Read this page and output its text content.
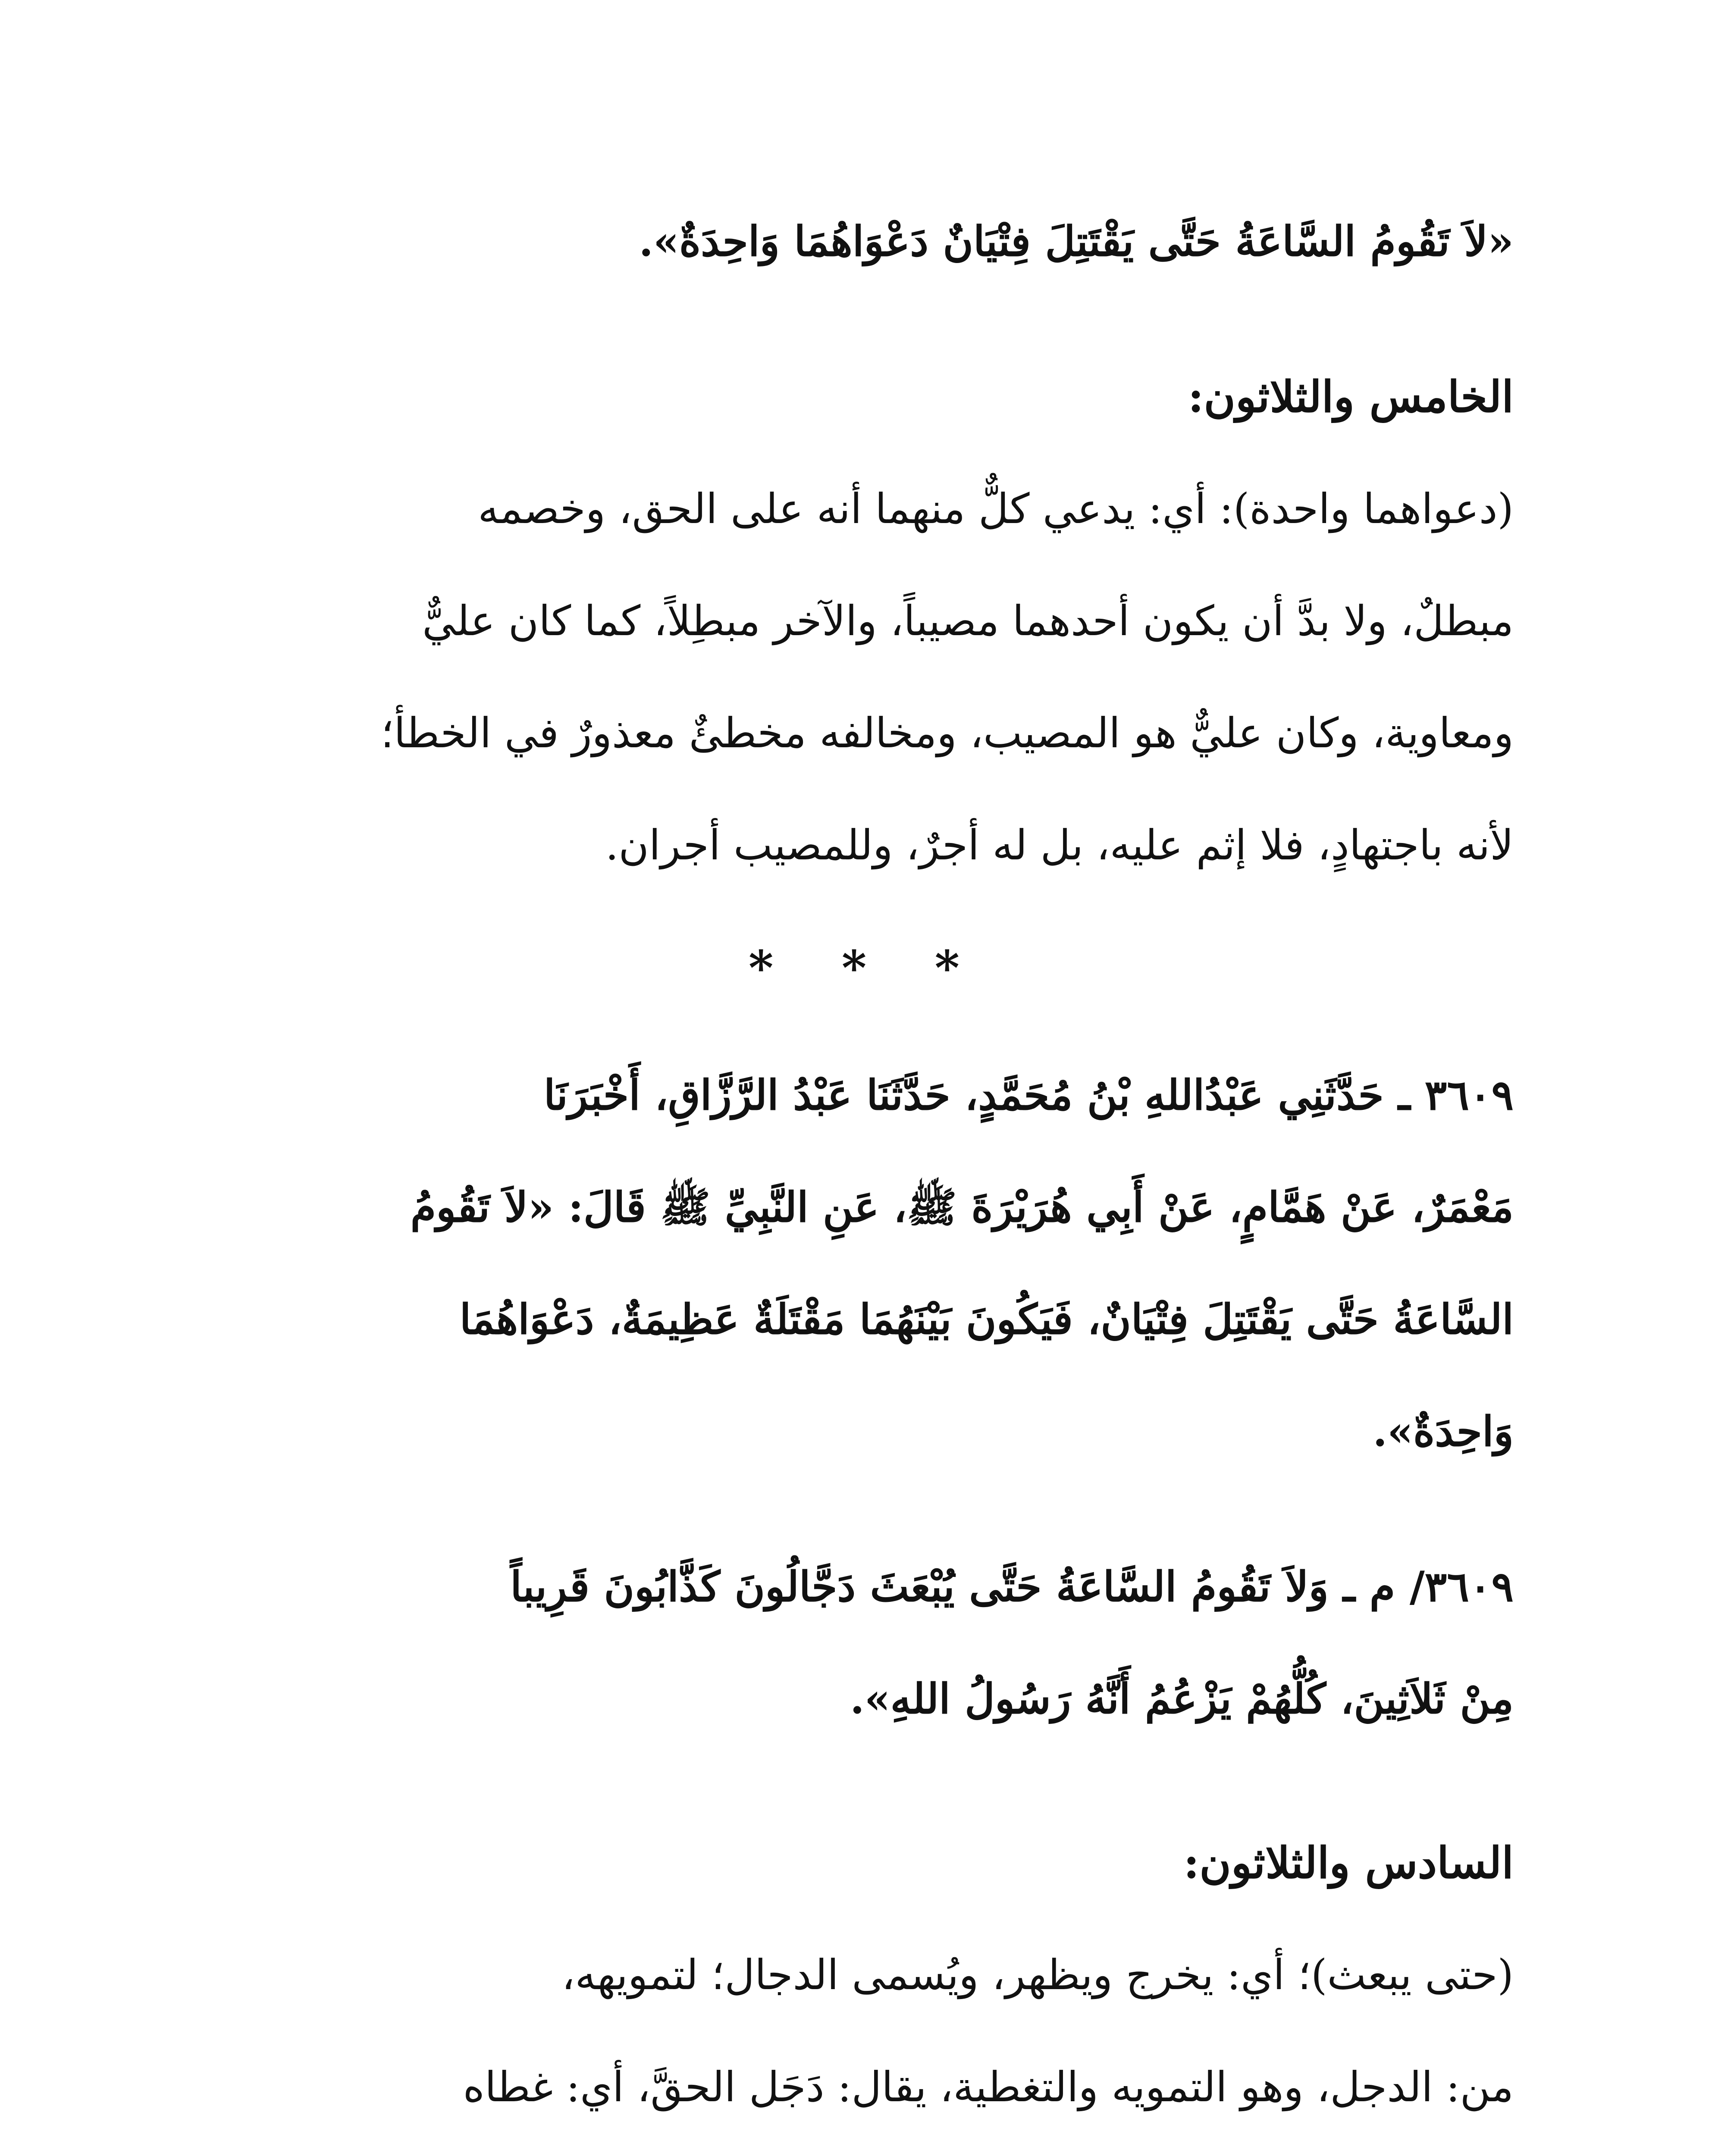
«لاَ تَقُومُ السَّاعَةُ حَتَّى يَقْتَتِلَ فِتْيَانٌ دَعْوَاهُمَا وَاحِدَةٌ».
الخامس والثلاثون:
(دعواهما واحدة): أي: يدعي كلٌّ منهما أنه على الحق، وخصمه
مبطلٌ، ولا بدَّ أن يكون أحدهما مصيباً، والآخر مبطِلاً، كما كان عليٌّ
ومعاوية، وكان عليٌّ هو المصيب، ومخالفه مخطئٌ معذورٌ في الخطأ؛
لأنه باجتهادٍ، فلا إثم عليه، بل له أجرٌ، وللمصيب أجران.
* * *
٣٦٠٩ ـ حَدَّثَنِي عَبْدُاللهِ بْنُ مُحَمَّدٍ، حَدَّثَنَا عَبْدُ الرَّزَّاقِ، أَخْبَرَنَا
مَعْمَرٌ، عَنْ هَمَّامٍ، عَنْ أَبِي هُرَيْرَةَ ﷺ، عَنِ النَّبِيِّ ﷺ قَالَ: «لاَ تَقُومُ
السَّاعَةُ حَتَّى يَقْتَتِلَ فِتْيَانٌ، فَيَكُونَ بَيْنَهُمَا مَقْتَلَةٌ عَظِيمَةٌ، دَعْوَاهُمَا
وَاحِدَةٌ».
٣٦٠٩/ م ـ وَلاَ تَقُومُ السَّاعَةُ حَتَّى يُبْعَثَ دَجَّالُونَ كَذَّابُونَ قَرِيباً
مِنْ ثَلاَثِينَ، كُلُّهُمْ يَزْعُمُ أَنَّهُ رَسُولُ اللهِ».
السادس والثلاثون:
(حتى يبعث)؛ أي: يخرج ويظهر، ويُسمى الدجال؛ لتمويهه،
من: الدجل، وهو التمويه والتغطية، يقال: دَجَل الحقَّ، أي: غطاه
